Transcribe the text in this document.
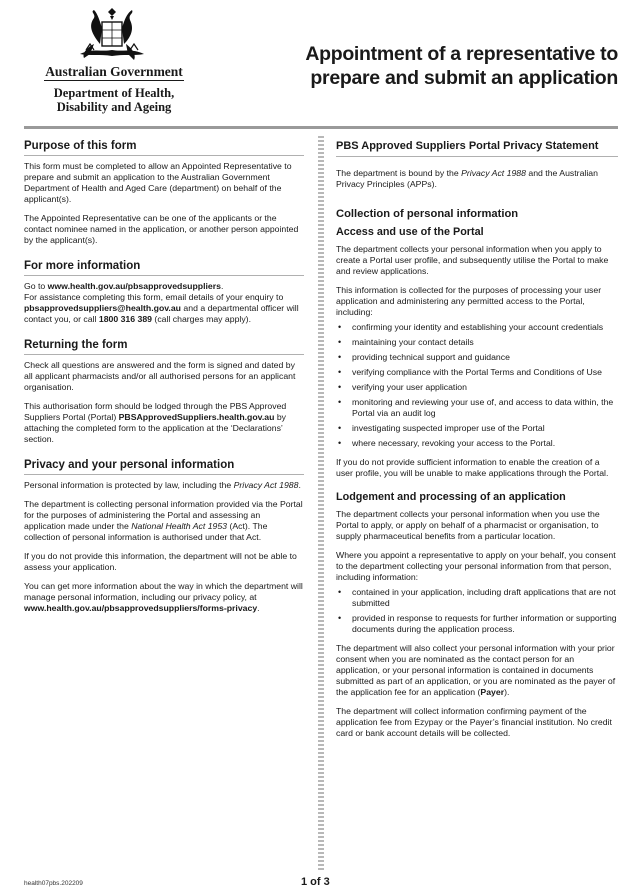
Australian Government
Department of Health,
Disability and Ageing
Appointment of a representative to
prepare and submit an application
Purpose of this form

This form must be completed to allow an Appointed Representative to prepare and submit an application to the Australian Government Department of Health and Aged Care (department) on behalf of the applicant(s).

The Appointed Representative can be one of the applicants or the contact nominee named in the application, or another person appointed by the applicant(s).

For more information

Go to www.health.gov.au/pbsapprovedsuppliers.
For assistance completing this form, email details of your enquiry to pbsapprovedsuppliers@health.gov.au and a departmental officer will contact you, or call 1800 316 389 (call charges may apply).

Returning the form

Check all questions are answered and the form is signed and dated by all applicant pharmacists and/or all authorised persons for an applicant organisation.

This authorisation form should be lodged through the PBS Approved Suppliers Portal (Portal) PBSApprovedSuppliers.health.gov.au by attaching the completed form to the application at the ‘Declarations’ section.

Privacy and your personal information

Personal information is protected by law, including the Privacy Act 1988.

The department is collecting personal information provided via the Portal for the purposes of administering the Portal and assessing an application made under the National Health Act 1953 (Act). The collection of personal information is authorised under that Act.

If you do not provide this information, the department will not be able to assess your application.

You can get more information about the way in which the department will manage personal information, including our privacy policy, at
www.health.gov.au/pbsapprovedsuppliers/forms-privacy.

PBS Approved Suppliers Portal Privacy Statement

The department is bound by the Privacy Act 1988 and the Australian Privacy Principles (APPs).

Collection of personal information
Access and use of the Portal

The department collects your personal information when you apply to create a Portal user profile, and subsequently utilise the Portal to make and review applications.

This information is collected for the purposes of processing your user application and administering any permitted access to the Portal, including:

• confirming your identity and establishing your account credentials
• maintaining your contact details
• providing technical support and guidance
• verifying compliance with the Portal Terms and Conditions of Use
• verifying your user application
• monitoring and reviewing your use of, and access to data within, the Portal via an audit log
• investigating suspected improper use of the Portal
• where necessary, revoking your access to the Portal.

If you do not provide sufficient information to enable the creation of a user profile, you will be unable to make applications through the Portal.

Lodgement and processing of an application

The department collects your personal information when you use the Portal to apply, or apply on behalf of a pharmacist or organisation, to supply pharmaceutical benefits from a particular location.

Where you appoint a representative to apply on your behalf, you consent to the department collecting your personal information from that person, including information:

• contained in your application, including draft applications that are not submitted
• provided in response to requests for further information or supporting documents during the application process.

The department will also collect your personal information with your prior consent when you are nominated as the contact person for an application, or your personal information is contained in documents submitted as part of an application, or you are nominated as the payer of the application fee for an application (Payer).

The department will collect information confirming payment of the application fee from Ezypay or the Payer’s financial institution. No credit card or bank account details will be collected.

health07pbs.202209	1 of 3
